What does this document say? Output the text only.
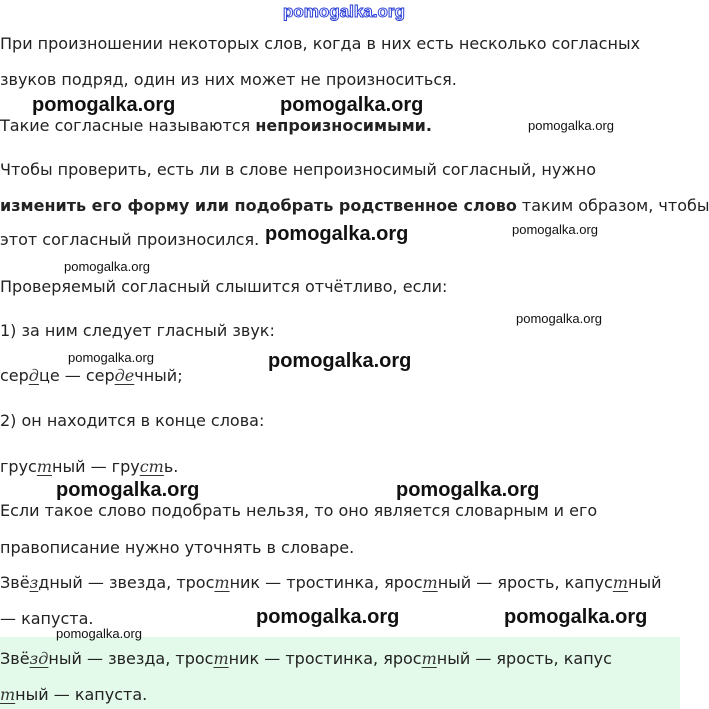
При произношении некоторых слов, когда в них есть несколько согласных

звуков подряд, один из них может не произноситься.

Такие согласные называются непроизносимыми.

Чтобы проверить, есть ли в слове непроизносимый согласный, нужно

изменить его форму или подобрать родственное слово таким образом, чтобы

этот согласный произносился.

Проверяемый согласный слышится отчётливо, если:

1) за ним следует гласный звук:

сердце — сердечный;

2) он находится в конце слова:

грустный — грусть.

Если такое слово подобрать нельзя, то оно является словарным и его

правописание нужно уточнять в словаре.

Звёздный — звезда, тростник — тростинка, яростный — ярость, капустный

— капуста.

Звёздный — звезда, тростник — тростинка, яростный — ярость, капус

тный — капуста.

pomogalka.org
pomogalka.org	pomogalka.org
pomogalka.org
pomogalka.org	pomogalka.org
pomogalka.org
pomogalka.org
pomogalka.org	pomogalka.org
pomogalka.org	pomogalka.org
pomogalka.org	pomogalka.org
pomogalka.org
